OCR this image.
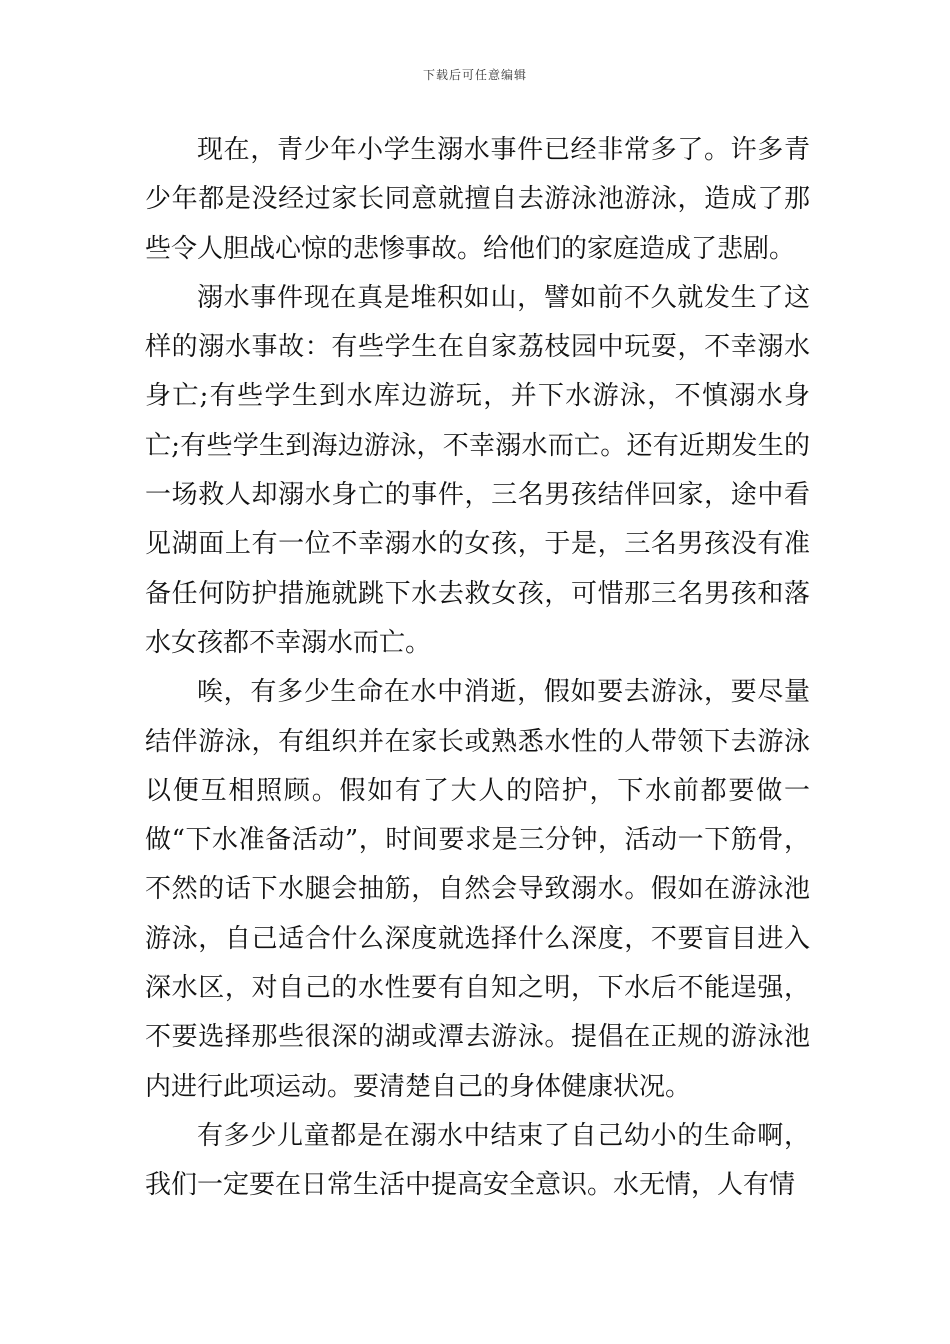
下载后可任意编辑

现在，青少年小学生溺水事件已经非常多了。许多青少年都是没经过家长同意就擅自去游泳池游泳，造成了那些令人胆战心惊的悲惨事故。给他们的家庭造成了悲剧。

溺水事件现在真是堆积如山，譬如前不久就发生了这样的溺水事故：有些学生在自家荔枝园中玩耍，不幸溺水身亡;有些学生到水库边游玩，并下水游泳，不慎溺水身亡;有些学生到海边游泳，不幸溺水而亡。还有近期发生的一场救人却溺水身亡的事件，三名男孩结伴回家，途中看见湖面上有一位不幸溺水的女孩，于是，三名男孩没有准备任何防护措施就跳下水去救女孩，可惜那三名男孩和落水女孩都不幸溺水而亡。

唉，有多少生命在水中消逝，假如要去游泳，要尽量结伴游泳，有组织并在家长或熟悉水性的人带领下去游泳以便互相照顾。假如有了大人的陪护，下水前都要做一做“下水准备活动”，时间要求是三分钟，活动一下筋骨，不然的话下水腿会抽筋，自然会导致溺水。假如在游泳池游泳，自己适合什么深度就选择什么深度，不要盲目进入深水区，对自己的水性要有自知之明，下水后不能逞强，不要选择那些很深的湖或潭去游泳。提倡在正规的游泳池内进行此项运动。要清楚自己的身体健康状况。

有多少儿童都是在溺水中结束了自己幼小的生命啊，我们一定要在日常生活中提高安全意识。水无情，人有情
